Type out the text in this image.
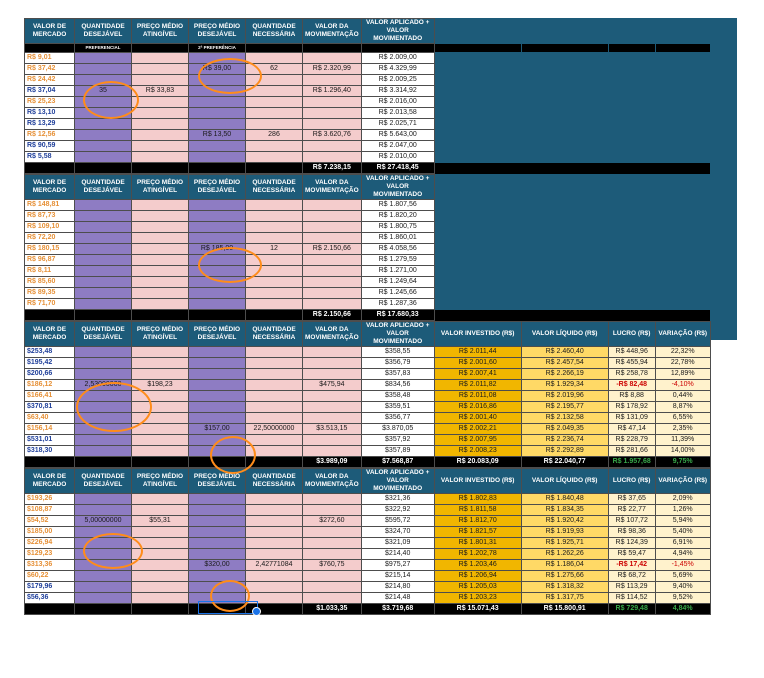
VALOR DE MERCADO	QUANTIDADE DESEJÁVEL	PREÇO MÉDIO ATINGÍVEL	PREÇO MÉDIO DESEJÁVEL	QUANTIDADE NECESSÁRIA	VALOR DA MOVIMENTAÇÃO	VALOR APLICADO + VALOR MOVIMENTADO				
	PREFERENCIAL		2ª PREFERÊNCIA							
R$ 9,01						R$ 2.009,00				
R$ 37,42			R$ 39,00	62	R$ 2.320,99	R$ 4.329,99				
R$ 24,42						R$ 2.009,25				
R$ 37,04	35	R$ 33,83			R$ 1.296,40	R$ 3.314,92				
R$ 25,23						R$ 2.016,00				
R$ 13,10						R$ 2.013,58				
R$ 13,29						R$ 2.025,71				
R$ 12,56			R$ 13,50	286	R$ 3.620,76	R$ 5.643,00				
R$ 90,59						R$ 2.047,00				
R$ 5,58						R$ 2.010,00				
					R$ 7.238,15	R$ 27.418,45				
VALOR DE MERCADO	QUANTIDADE DESEJÁVEL	PREÇO MÉDIO ATINGÍVEL	PREÇO MÉDIO DESEJÁVEL	QUANTIDADE NECESSÁRIA	VALOR DA MOVIMENTAÇÃO	VALOR APLICADO + VALOR MOVIMENTADO				
R$ 148,81						R$ 1.807,56				
R$ 87,73						R$ 1.820,20				
R$ 109,10						R$ 1.800,75				
R$ 72,20						R$ 1.860,01				
R$ 180,15			R$ 185,00	12	R$ 2.150,66	R$ 4.058,56				
R$ 96,87						R$ 1.279,59				
R$ 8,11						R$ 1.271,00				
R$ 85,60						R$ 1.249,64				
R$ 89,35						R$ 1.245,66				
R$ 71,70						R$ 1.287,36				
					R$ 2.150,66	R$ 17.680,33				
VALOR DE MERCADO	QUANTIDADE DESEJÁVEL	PREÇO MÉDIO ATINGÍVEL	PREÇO MÉDIO DESEJÁVEL	QUANTIDADE NECESSÁRIA	VALOR DA MOVIMENTAÇÃO	VALOR APLICADO + VALOR MOVIMENTADO	VALOR INVESTIDO (R$)	VALOR LÍQUIDO (R$)	LUCRO (R$)	VARIAÇÃO (R$)
$253,48						$358,55	R$ 2.011,44	R$ 2.460,40	R$ 448,96	22,32%
$195,42						$356,79	R$ 2.001,60	R$ 2.457,54	R$ 455,94	22,78%
$200,66						$357,83	R$ 2.007,41	R$ 2.266,19	R$ 258,78	12,89%
$186,12	2,53000000	$198,23			$475,94	$834,56	R$ 2.011,82	R$ 1.929,34	-R$ 82,48	-4,10%
$166,41						$358,48	R$ 2.011,08	R$ 2.019,96	R$ 8,88	0,44%
$370,81						$359,51	R$ 2.016,86	R$ 2.195,77	R$ 178,92	8,87%
$63,40						$356,77	R$ 2.001,40	R$ 2.132,58	R$ 131,09	6,55%
$156,14			$157,00	22,50000000	$3.513,15	$3.870,05	R$ 2.002,21	R$ 2.049,35	R$ 47,14	2,35%
$531,01						$357,92	R$ 2.007,95	R$ 2.236,74	R$ 228,79	11,39%
$318,30						$357,89	R$ 2.008,23	R$ 2.292,89	R$ 281,66	14,00%
					$3.989,09	$7.568,87	R$ 20.083,09	R$ 22.040,77	R$ 1.957,68	9,75%
VALOR DE MERCADO	QUANTIDADE DESEJÁVEL	PREÇO MÉDIO ATINGÍVEL	PREÇO MÉDIO DESEJÁVEL	QUANTIDADE NECESSÁRIA	VALOR DA MOVIMENTAÇÃO	VALOR APLICADO + VALOR MOVIMENTADO	VALOR INVESTIDO (R$)	VALOR LÍQUIDO (R$)	LUCRO (R$)	VARIAÇÃO (R$)
$193,26						$321,36	R$ 1.802,83	R$ 1.840,48	R$ 37,65	2,09%
$108,87						$322,92	R$ 1.811,58	R$ 1.834,35	R$ 22,77	1,26%
$54,52	5,00000000	$55,31			$272,60	$595,72	R$ 1.812,70	R$ 1.920,42	R$ 107,72	5,94%
$185,00						$324,70	R$ 1.821,57	R$ 1.919,93	R$ 98,36	5,40%
$226,94						$321,09	R$ 1.801,31	R$ 1.925,71	R$ 124,39	6,91%
$129,23						$214,40	R$ 1.202,78	R$ 1.262,26	R$ 59,47	4,94%
$313,36			$320,00	2,42771084	$760,75	$975,27	R$ 1.203,46	R$ 1.186,04	-R$ 17,42	-1,45%
$60,22						$215,14	R$ 1.206,94	R$ 1.275,66	R$ 68,72	5,69%
$179,96						$214,80	R$ 1.205,03	R$ 1.318,32	R$ 113,29	9,40%
$56,36						$214,48	R$ 1.203,23	R$ 1.317,75	R$ 114,52	9,52%
					$1.033,35	$3.719,68	R$ 15.071,43	R$ 15.800,91	R$ 729,48	4,84%
